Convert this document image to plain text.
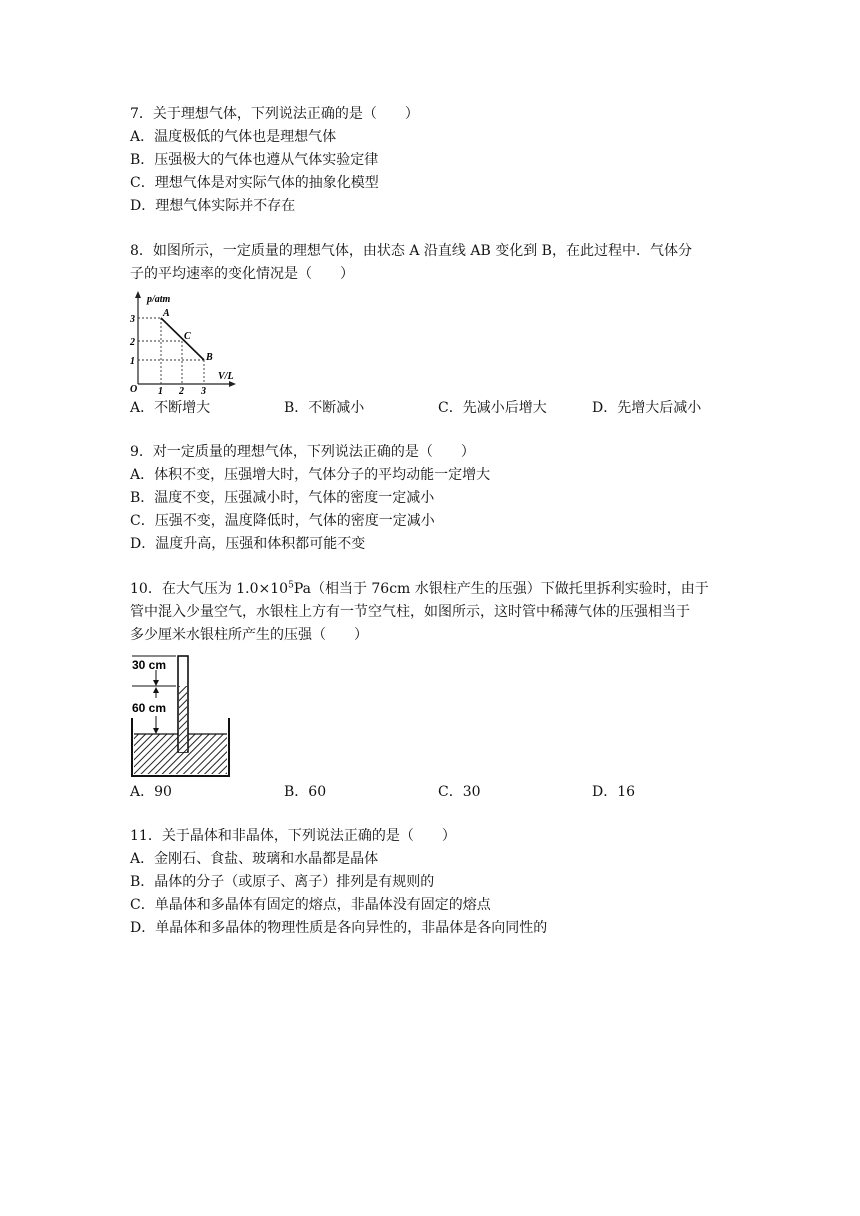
7．关于理想气体，下列说法正确的是（　　）
A．温度极低的气体也是理想气体
B．压强极大的气体也遵从气体实验定律
C．理想气体是对实际气体的抽象化模型
D．理想气体实际并不存在
8．如图所示，一定质量的理想气体，由状态 A 沿直线 AB 变化到 B，在此过程中．气体分
子的平均速率的变化情况是（　　）
p/atm
V/L
O
1
2
3
1 2 3
A
C
B
A．不断增大	B．不断减小	C．先减小后增大	D．先增大后减小
9．对一定质量的理想气体，下列说法正确的是（　　）
A．体积不变，压强增大时，气体分子的平均动能一定增大
B．温度不变，压强减小时，气体的密度一定减小
C．压强不变，温度降低时，气体的密度一定减小
D．温度升高，压强和体积都可能不变
10．在大气压为 $1.0\times 10^5Pa$（相当于 76cm 水银柱产生的压强）下做托里拆利实验时，由于
管中混入少量空气，水银柱上方有一节空气柱，如图所示，这时管中稀薄气体的压强相当于
多少厘米水银柱所产生的压强（　　）
30 cm
60 cm
A．90	B．60	C．30	D．16
11．关于晶体和非晶体，下列说法正确的是（　　）
A．金刚石、食盐、玻璃和水晶都是晶体
B．晶体的分子（或原子、离子）排列是有规则的
C．单晶体和多晶体有固定的熔点，非晶体没有固定的熔点
D．单晶体和多晶体的物理性质是各向异性的，非晶体是各向同性的
